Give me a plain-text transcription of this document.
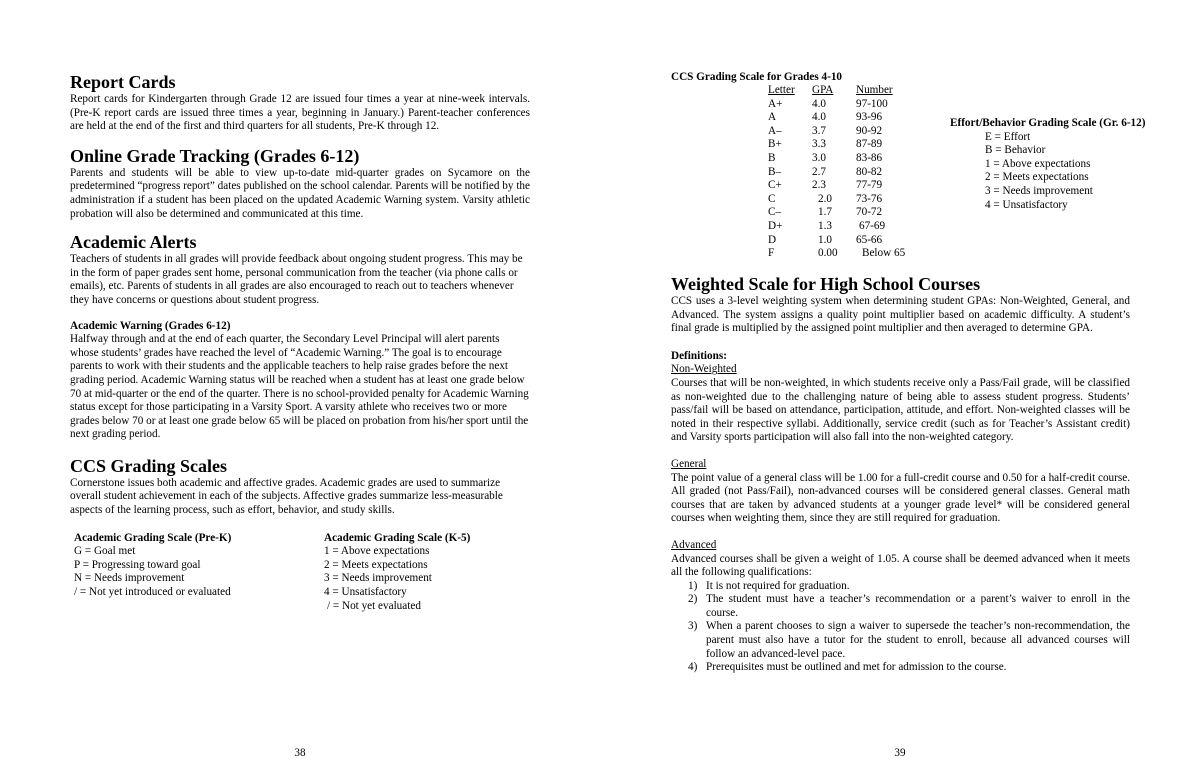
Report Cards

Report cards for Kindergarten through Grade 12 are issued four times a year at nine-week intervals. (Pre-K report cards are issued three times a year, beginning in January.) Parent-teacher conferences are held at the end of the first and third quarters for all students, Pre-K through 12.

Online Grade Tracking (Grades 6-12)

Parents and students will be able to view up-to-date mid-quarter grades on Sycamore on the predetermined “progress report” dates published on the school calendar. Parents will be notified by the administration if a student has been placed on the updated Academic Warning system. Varsity athletic probation will also be determined and communicated at this time.

Academic Alerts

Teachers of students in all grades will provide feedback about ongoing student progress. This may be in the form of paper grades sent home, personal communication from the teacher (via phone calls or emails), etc. Parents of students in all grades are also encouraged to reach out to teachers whenever they have concerns or questions about student progress.

Academic Warning (Grades 6-12)

Halfway through and at the end of each quarter, the Secondary Level Principal will alert parents whose students’ grades have reached the level of “Academic Warning.” The goal is to encourage parents to work with their students and the applicable teachers to help raise grades before the next grading period. Academic Warning status will be reached when a student has at least one grade below 70 at mid-quarter or the end of the quarter. There is no school-provided penalty for Academic Warning status except for those participating in a Varsity Sport. A varsity athlete who receives two or more grades below 70 or at least one grade below 65 will be placed on probation from his/her sport until the next grading period.

CCS Grading Scales

Cornerstone issues both academic and affective grades. Academic grades are used to summarize overall student achievement in each of the subjects. Affective grades summarize less-measurable aspects of the learning process, such as effort, behavior, and study skills.

Academic Grading Scale (Pre-K)
G = Goal met
P = Progressing toward goal
N = Needs improvement
/ = Not yet introduced or evaluated
Academic Grading Scale (K-5)
1 = Above expectations
2 = Meets expectations
3 = Needs improvement
4 = Unsatisfactory
/ = Not yet evaluated
38
CCS Grading Scale for Grades 4-10
Letter	GPA	Number
A+	4.0	97-100
A	4.0	93-96
A–	3.7	90-92
B+	3.3	87-89
B	3.0	83-86
B–	2.7	80-82
C+	2.3	77-79
C	2.0	73-76
C–	1.7	70-72
D+	1.3	67-69
D	1.0	65-66
F	0.00	Below 65
Effort/Behavior Grading Scale (Gr. 6-12)
E = Effort
B = Behavior
1 = Above expectations
2 = Meets expectations
3 = Needs improvement
4 = Unsatisfactory
Weighted Scale for High School Courses

CCS uses a 3-level weighting system when determining student GPAs: Non-Weighted, General, and Advanced. The system assigns a quality point multiplier based on academic difficulty. A student’s final grade is multiplied by the assigned point multiplier and then averaged to determine GPA.

Definitions:
Non-Weighted

Courses that will be non-weighted, in which students receive only a Pass/Fail grade, will be classified as non-weighted due to the challenging nature of being able to assess student progress. Students’ pass/fail will be based on attendance, participation, attitude, and effort. Non-weighted classes will be noted in their respective syllabi. Additionally, service credit (such as for Teacher’s Assistant credit) and Varsity sports participation will also fall into the non-weighted category.

General

The point value of a general class will be 1.00 for a full-credit course and 0.50 for a half-credit course. All graded (not Pass/Fail), non-advanced courses will be considered general classes. General math courses that are taken by advanced students at a younger grade level* will be considered general courses when weighting them, since they are still required for graduation.

Advanced

Advanced courses shall be given a weight of 1.05. A course shall be deemed advanced when it meets all the following qualifications:

1) It is not required for graduation.
2) The student must have a teacher’s recommendation or a parent’s waiver to enroll in the course.
3) When a parent chooses to sign a waiver to supersede the teacher’s non-recommendation, the parent must also have a tutor for the student to enroll, because all advanced courses will follow an advanced-level pace.
4) Prerequisites must be outlined and met for admission to the course.
39
